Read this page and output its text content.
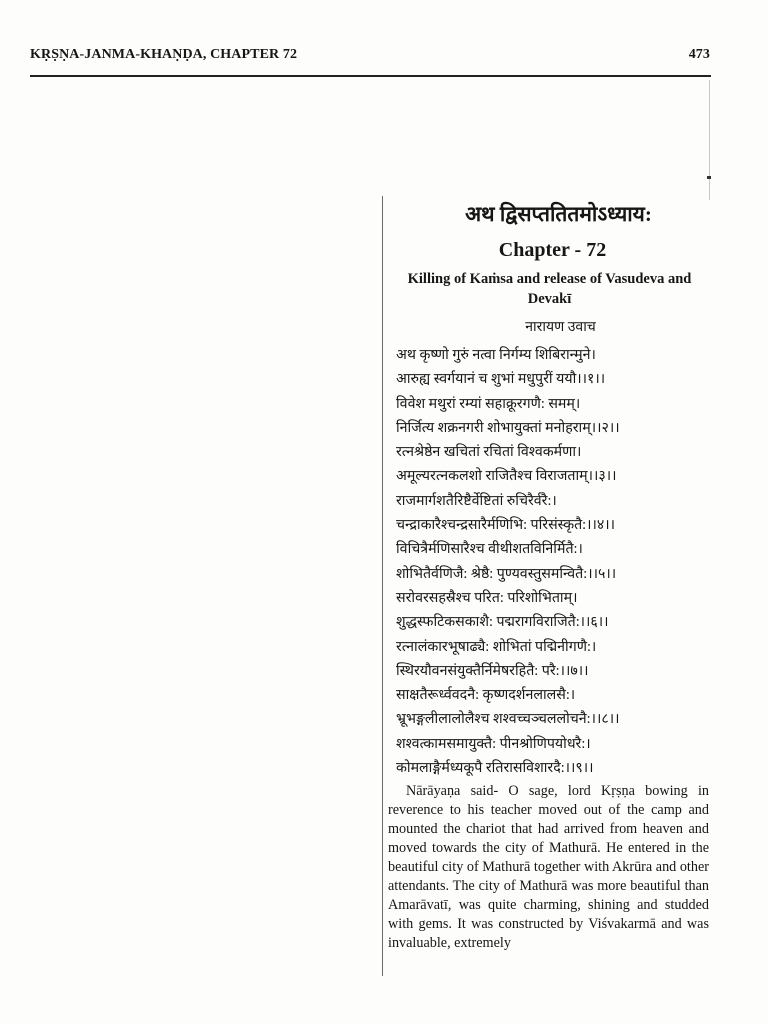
KṚṢṆA-JANMA-KHAṆḌA, CHAPTER 72	473
अथ द्विसप्ततितमोऽध्याय:
Chapter - 72
Killing of Kaṁsa and release of Vasudeva and Devakī
नारायण उवाच
अथ कृष्णो गुरुं नत्वा निर्गम्य शिबिरान्मुने।
आरुह्य स्वर्गयानं च शुभां मधुपुरीं ययौ।।१।।
विवेश मथुरां रम्यां सहाक्रूरगणै: समम्।
निर्जित्य शक्रनगरी शोभायुक्तां मनोहराम्।।२।।
रत्नश्रेष्ठेन खचितां रचितां विश्वकर्मणा।
अमूल्यरत्नकलशो राजितैश्च विराजताम्।।३।।
राजमार्गशतैरिष्टैर्वेष्टितां रुचिरैर्वरै:।
चन्द्राकारैश्चन्द्रसारैर्मणिभि: परिसंस्कृतै:।।४।।
विचित्रैर्मणिसारैश्च वीथीशतविनिर्मितै:।
शोभितैर्वणिजै: श्रेष्ठै: पुण्यवस्तुसमन्वितै:।।५।।
सरोवरसहस्रैश्च परित: परिशोभिताम्।
शुद्धस्फटिकसकाशै: पद्मरागविराजितै:।।६।।
रत्नालंकारभूषाढ्यै: शोभितां पद्मिनीगणै:।
स्थिरयौवनसंयुक्तैर्निमेषरहितै: परै:।।७।।
साक्षतैरूर्ध्ववदनै: कृष्णदर्शनलालसै:।
भ्रूभङ्गलीलालोलैश्च शश्वच्चञ्चललोचनै:।।८।।
शश्वत्कामसमायुक्तै: पीनश्रोणिपयोधरै:।
कोमलाङ्गैर्मध्यकूपै रतिरासविशारदै:।।९।।
Nārāyaṇa said- O sage, lord Kṛṣṇa bowing in reverence to his teacher moved out of the camp and mounted the chariot that had arrived from heaven and moved towards the city of Mathurā. He entered in the beautiful city of Mathurā together with Akrūra and other attendants. The city of Mathurā was more beautiful than Amarāvatī, was quite charming, shining and studded with gems. It was constructed by Viśvakarmā and was invaluable, extremely
